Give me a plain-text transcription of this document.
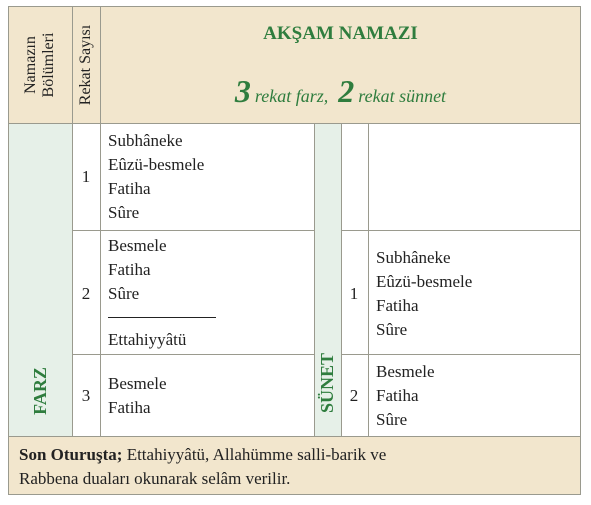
Namazın Bölümleri Rekat Sayısı	AKŞAM NAMAZI
3 rekat farz, 2 rekat sünnet
FARZ
1
Subhâneke
Eûzü-besmele
Fatiha
Sûre
2
Besmele
Fatiha
Sûre
Ettahiyyâtü
3
Besmele
Fatiha	SÜNET
1
Subhâneke
Eûzü-besmele
Fatiha
Sûre
2
Besmele
Fatiha
Sûre
Son Oturuşta; Ettahiyyâtü, Allahümme salli-barik ve
Rabbena duaları okunarak selâm verilir.
